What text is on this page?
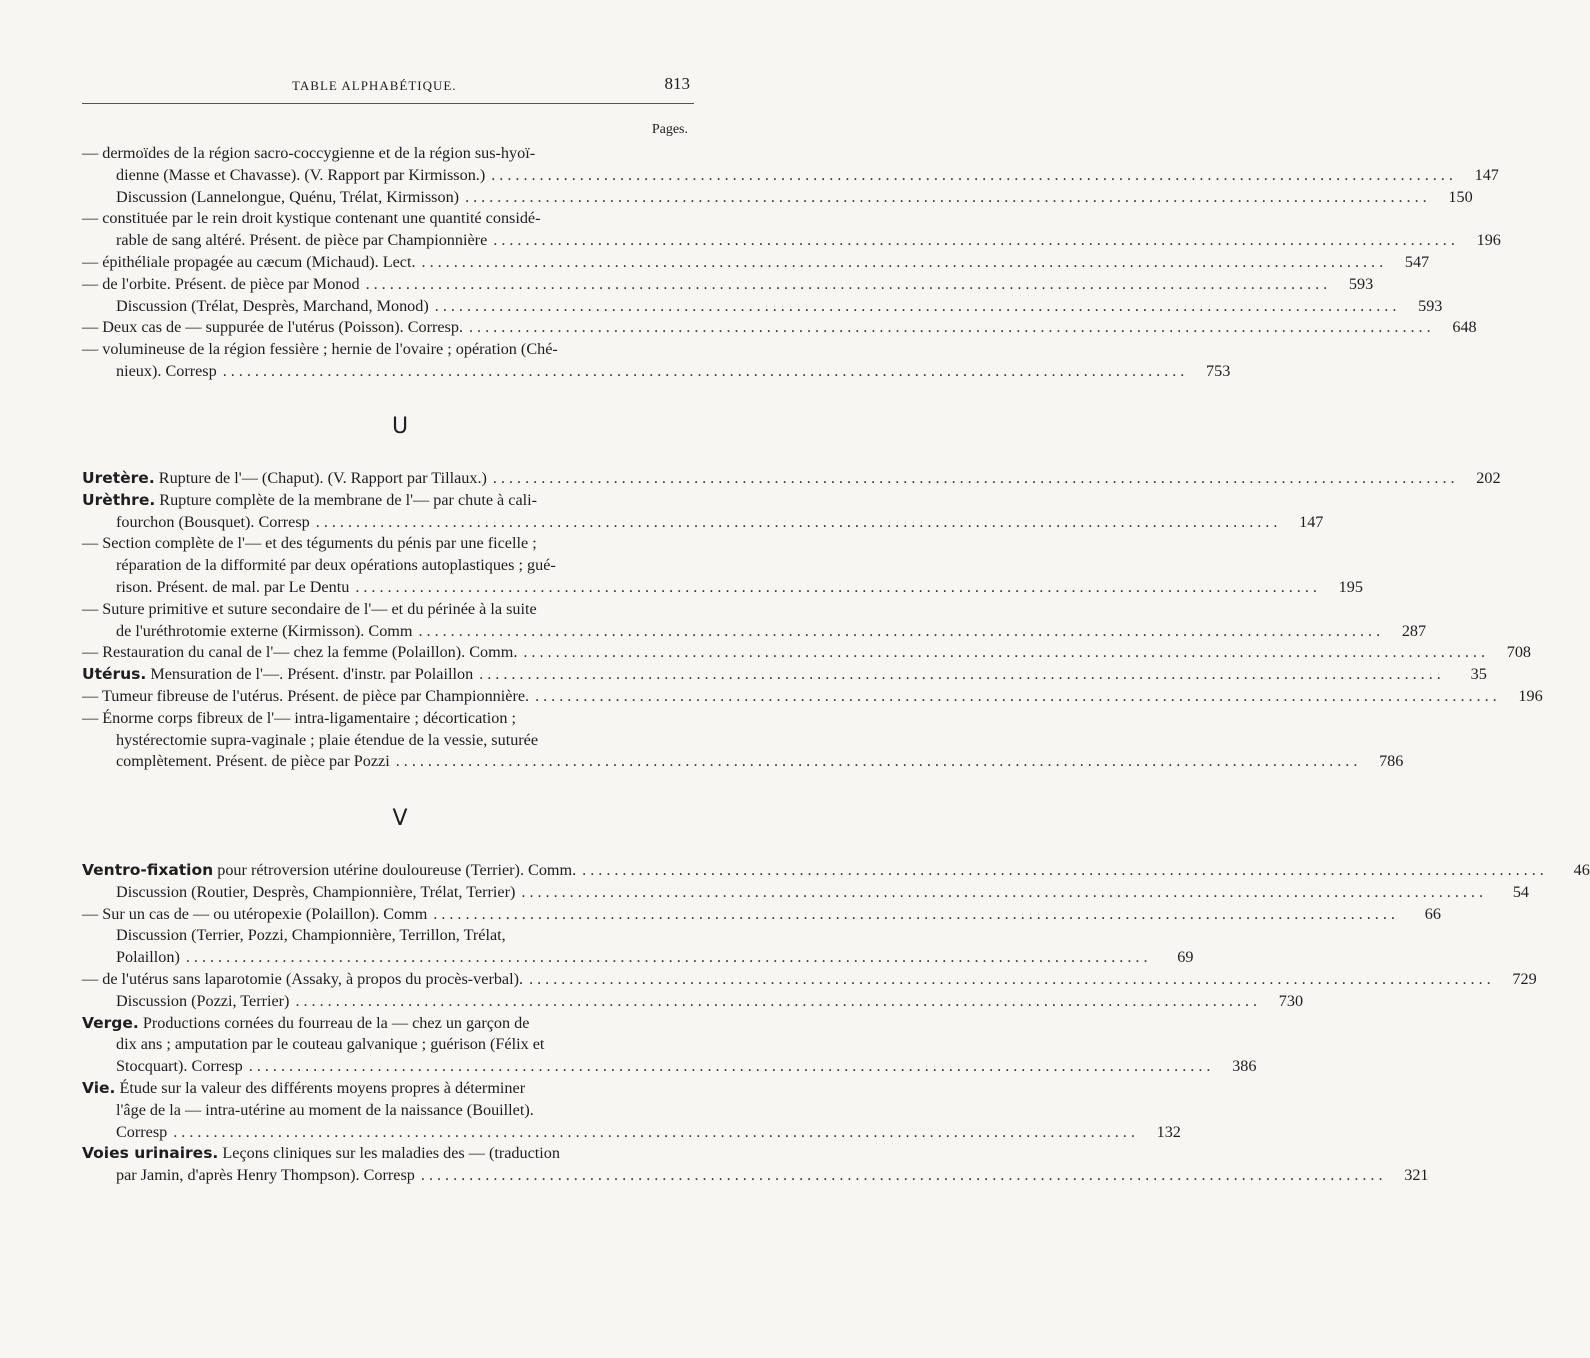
TABLE ALPHABÉTIQUE.	813
Pages.
— dermoïdes de la région sacro-coccygienne et de la région sus-hyoï-
dienne (Masse et Chavasse). (V. Rapport par Kirmisson.) ........................................................................................................................	147
Discussion (Lannelongue, Quénu, Trélat, Kirmisson) ........................................................................................................................	150
— constituée par le rein droit kystique contenant une quantité considé-
rable de sang altéré. Présent. de pièce par Championnière ........................................................................................................................	196
— épithéliale propagée au cæcum (Michaud). Lect. ........................................................................................................................	547
— de l'orbite. Présent. de pièce par Monod ........................................................................................................................	593
Discussion (Trélat, Desprès, Marchand, Monod) ........................................................................................................................	593
— Deux cas de — suppurée de l'utérus (Poisson). Corresp. ........................................................................................................................	648
— volumineuse de la région fessière ; hernie de l'ovaire ; opération (Ché-
nieux). Corresp ........................................................................................................................	753
U
Uretère. Rupture de l'— (Chaput). (V. Rapport par Tillaux.) ........................................................................................................................	202
Urèthre. Rupture complète de la membrane de l'— par chute à cali-
fourchon (Bousquet). Corresp ........................................................................................................................	147
— Section complète de l'— et des téguments du pénis par une ficelle ;
réparation de la difformité par deux opérations autoplastiques ; gué-
rison. Présent. de mal. par Le Dentu ........................................................................................................................	195
— Suture primitive et suture secondaire de l'— et du périnée à la suite
de l'uréthrotomie externe (Kirmisson). Comm ........................................................................................................................	287
— Restauration du canal de l'— chez la femme (Polaillon). Comm. ........................................................................................................................	708
Utérus. Mensuration de l'—. Présent. d'instr. par Polaillon ........................................................................................................................	35
— Tumeur fibreuse de l'utérus. Présent. de pièce par Championnière. ........................................................................................................................	196
— Énorme corps fibreux de l'— intra-ligamentaire ; décortication ;
hystérectomie supra-vaginale ; plaie étendue de la vessie, suturée
complètement. Présent. de pièce par Pozzi ........................................................................................................................	786
V
Ventro-fixation pour rétroversion utérine douloureuse (Terrier). Comm. ........................................................................................................................	46
Discussion (Routier, Desprès, Championnière, Trélat, Terrier) ........................................................................................................................	54
— Sur un cas de — ou utéropexie (Polaillon). Comm ........................................................................................................................	66
Discussion (Terrier, Pozzi, Championnière, Terrillon, Trélat,
Polaillon) ........................................................................................................................	69
— de l'utérus sans laparotomie (Assaky, à propos du procès-verbal). ........................................................................................................................	729
Discussion (Pozzi, Terrier) ........................................................................................................................	730
Verge. Productions cornées du fourreau de la — chez un garçon de
dix ans ; amputation par le couteau galvanique ; guérison (Félix et
Stocquart). Corresp ........................................................................................................................	386
Vie. Étude sur la valeur des différents moyens propres à déterminer
l'âge de la — intra-utérine au moment de la naissance (Bouillet).
Corresp ........................................................................................................................	132
Voies urinaires. Leçons cliniques sur les maladies des — (traduction
par Jamin, d'après Henry Thompson). Corresp ........................................................................................................................	321
